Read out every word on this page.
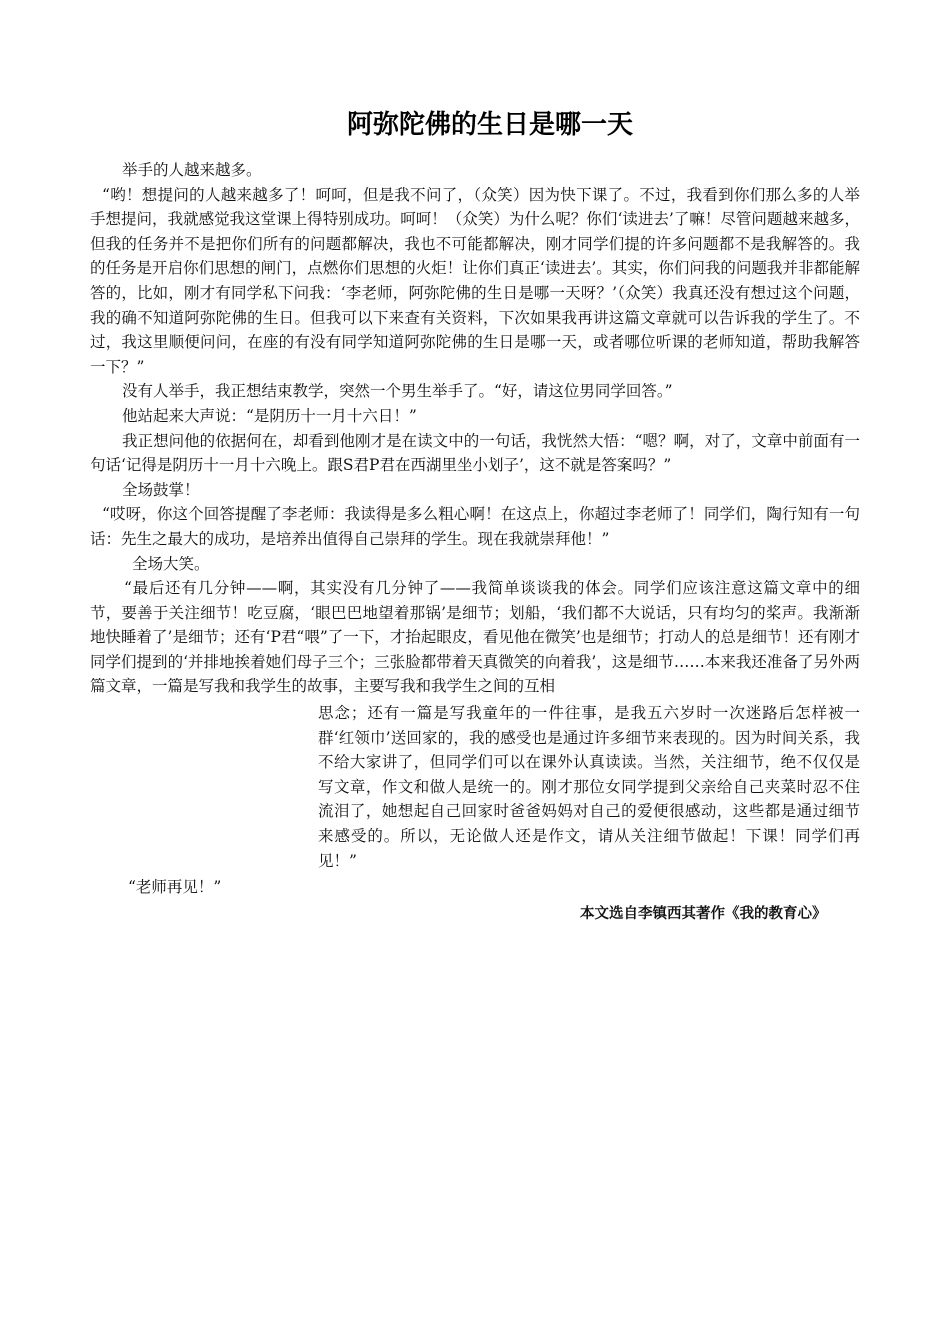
阿弥陀佛的生日是哪一天

举手的人越来越多。

“哟！想提问的人越来越多了！呵呵，但是我不问了，（众笑）因为快下课了。不过，我看到你们那么多的人举手想提问，我就感觉我这堂课上得特别成功。呵呵！（众笑）为什么呢？你们‘读进去’了嘛！尽管问题越来越多，但我的任务并不是把你们所有的问题都解决，我也不可能都解决，刚才同学们提的许多问题都不是我解答的。我的任务是开启你们思想的闸门，点燃你们思想的火炬！让你们真正‘读进去’。其实，你们问我的问题我并非都能解答的，比如，刚才有同学私下问我：‘李老师，阿弥陀佛的生日是哪一天呀？’（众笑）我真还没有想过这个问题，我的确不知道阿弥陀佛的生日。但我可以下来查有关资料，下次如果我再讲这篇文章就可以告诉我的学生了。不过，我这里顺便问问，在座的有没有同学知道阿弥陀佛的生日是哪一天，或者哪位听课的老师知道，帮助我解答一下？”

没有人举手，我正想结束教学，突然一个男生举手了。“好，请这位男同学回答。”

他站起来大声说：“是阴历十一月十六日！”

我正想问他的依据何在，却看到他刚才是在读文中的一句话，我恍然大悟：“嗯？啊，对了，文章中前面有一句话‘记得是阴历十一月十六晚上。跟S君P君在西湖里坐小划子’，这不就是答案吗？”

全场鼓掌！

“哎呀，你这个回答提醒了李老师：我读得是多么粗心啊！在这点上，你超过李老师了！同学们，陶行知有一句话：先生之最大的成功，是培养出值得自己崇拜的学生。现在我就崇拜他！”

全场大笑。

“最后还有几分钟——啊，其实没有几分钟了——我简单谈谈我的体会。同学们应该注意这篇文章中的细节，要善于关注细节！吃豆腐，‘眼巴巴地望着那锅’是细节；划船，‘我们都不大说话，只有均匀的桨声。我渐渐地快睡着了’是细节；还有‘P君“喂”了一下，才抬起眼皮，看见他在微笑’也是细节；打动人的总是细节！还有刚才同学们提到的‘并排地挨着她们母子三个；三张脸都带着天真微笑的向着我’，这是细节……本来我还准备了另外两篇文章，一篇是写我和我学生的故事，主要写我和我学生之间的互相

思念；还有一篇是写我童年的一件往事，是我五六岁时一次迷路后怎样被一群‘红领巾’送回家的，我的感受也是通过许多细节来表现的。因为时间关系，我不给大家讲了，但同学们可以在课外认真读读。当然，关注细节，绝不仅仅是写文章，作文和做人是统一的。刚才那位女同学提到父亲给自己夹菜时忍不住流泪了，她想起自己回家时爸爸妈妈对自己的爱便很感动，这些都是通过细节来感受的。所以，无论做人还是作文，请从关注细节做起！下课！同学们再见！”

“老师再见！”

本文选自李镇西其著作《我的教育心》
